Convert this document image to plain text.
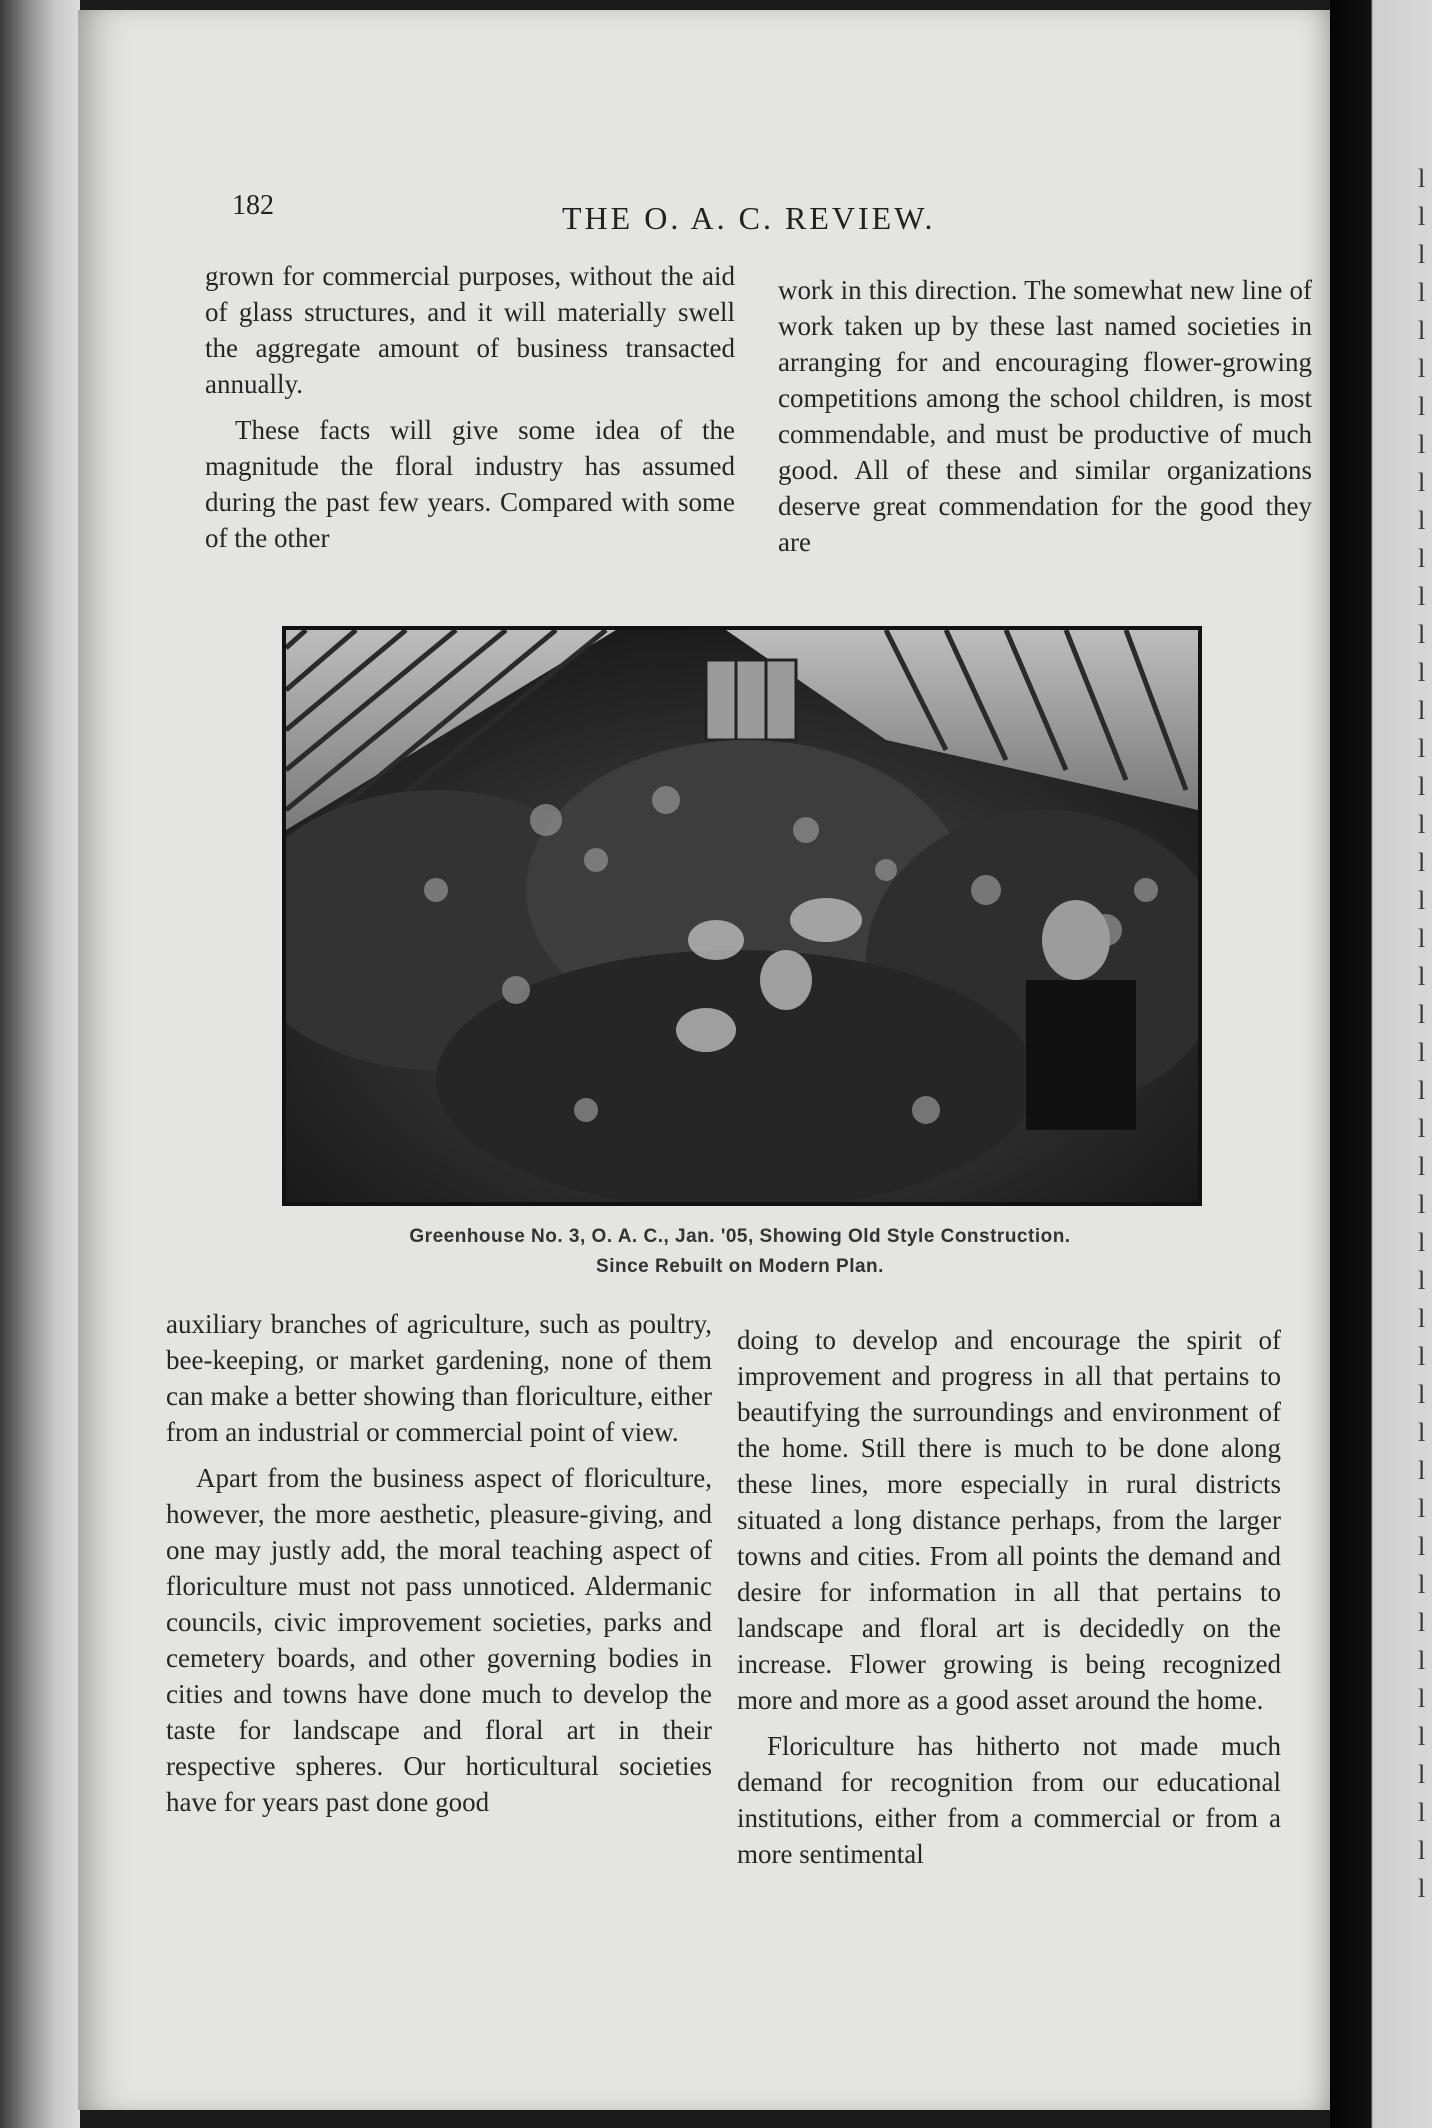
l l l l l l l l l l l l l l l l l l l l l l l l l l l l l l l l l l l l l l l l l l l l l l
182	THE O. A. C. REVIEW.

grown for commercial purposes, without the aid of glass structures, and it will materially swell the aggregate amount of business transacted annually.

These facts will give some idea of the magnitude the floral industry has assumed during the past few years. Compared with some of the other

work in this direction. The somewhat new line of work taken up by these last named societies in arranging for and encouraging flower-growing competitions among the school children, is most commendable, and must be productive of much good. All of these and similar organizations deserve great commendation for the good they are

Greenhouse No. 3, O. A. C., Jan. '05, Showing Old Style Construction.
Since Rebuilt on Modern Plan.

auxiliary branches of agriculture, such as poultry, bee-keeping, or market gardening, none of them can make a better showing than floriculture, either from an industrial or commercial point of view.

Apart from the business aspect of floriculture, however, the more aesthetic, pleasure-giving, and one may justly add, the moral teaching aspect of floriculture must not pass unnoticed. Aldermanic councils, civic improvement societies, parks and cemetery boards, and other governing bodies in cities and towns have done much to develop the taste for landscape and floral art in their respective spheres. Our horticultural societies have for years past done good

doing to develop and encourage the spirit of improvement and progress in all that pertains to beautifying the surroundings and environment of the home. Still there is much to be done along these lines, more especially in rural districts situated a long distance perhaps, from the larger towns and cities. From all points the demand and desire for information in all that pertains to landscape and floral art is decidedly on the increase. Flower growing is being recognized more and more as a good asset around the home.

Floriculture has hitherto not made much demand for recognition from our educational institutions, either from a commercial or from a more sentimental
